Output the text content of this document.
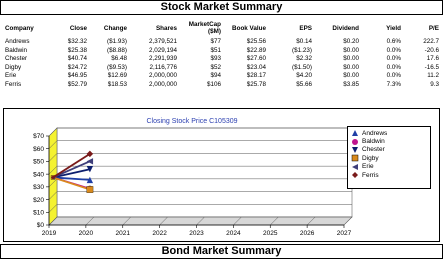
Stock Market Summary
Company	Close	Change	Shares	MarketCap ($M)	Book Value	EPS	Dividend	Yield	P/E
Andrews	$32.32	($1.93)	2,379,521	$77	$25.56	$0.14	$0.20	0.6%	222.7
Baldwin	$25.38	($8.88)	2,029,194	$51	$22.89	($1.23)	$0.00	0.0%	-20.6
Chester	$40.74	$6.48	2,291,939	$93	$27.60	$2.32	$0.00	0.0%	17.6
Digby	$24.72	($9.53)	2,116,776	$52	$23.04	($1.50)	$0.00	0.0%	-16.5
Erie	$46.95	$12.69	2,000,000	$94	$28.17	$4.20	$0.00	0.0%	11.2
Ferris	$52.79	$18.53	2,000,000	$106	$25.78	$5.66	$3.85	7.3%	9.3
Closing Stock Price C105309
$0
$10
$20
$30
$40
$50
$60
$70
2019	2020	2021	2022	2023	2024	2025	2026	2027
Andrews
Baldwin
Chester
Digby
Erie
Ferris
Bond Market Summary
